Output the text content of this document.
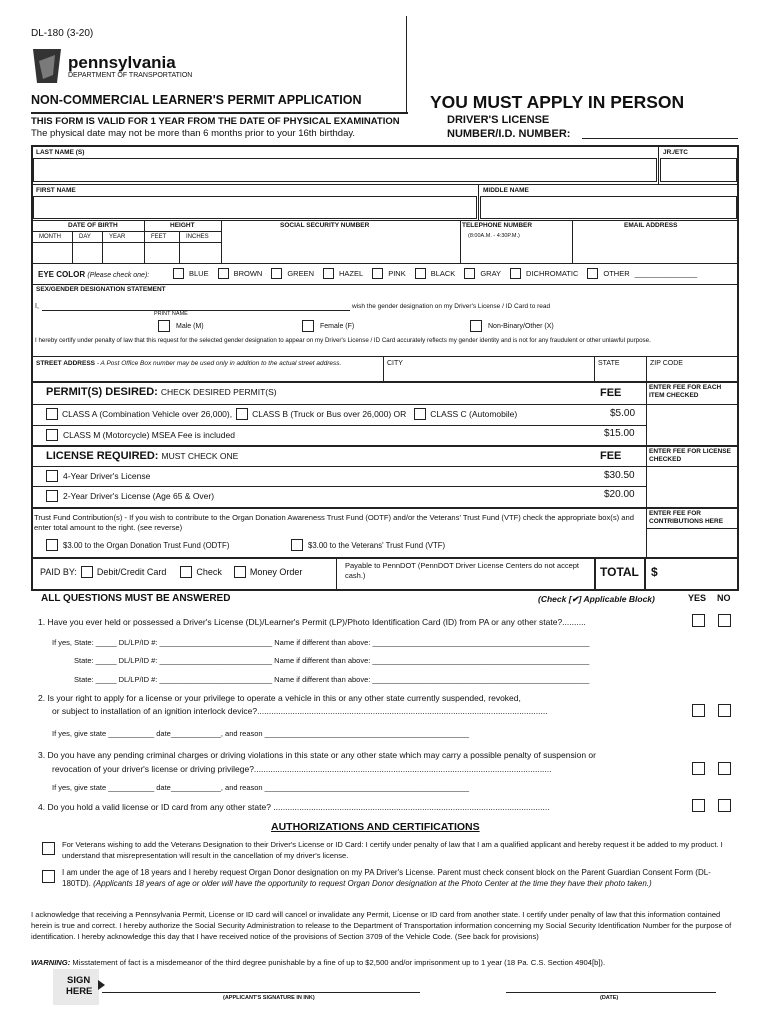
DL-180 (3-20)
pennsylvania
DEPARTMENT OF TRANSPORTATION
NON-COMMERCIAL LEARNER'S PERMIT APPLICATION	YOU MUST APPLY IN PERSON
THIS FORM IS VALID FOR 1 YEAR FROM THE DATE OF PHYSICAL EXAMINATION
The physical date may not be more than 6 months prior to your 16th birthday.
DRIVER'S LICENSE
NUMBER/I.D. NUMBER:
LAST NAME (S)	JR./ETC
FIRST NAME	MIDDLE NAME
DATE OF BIRTH	HEIGHT	SOCIAL SECURITY NUMBER	TELEPHONE NUMBER
(8:00A.M. - 4:30P.M.)
EMAIL ADDRESS
MONTH	DAY	YEAR	FEET	INCHES
EYE COLOR (Please check one):	BLUE	BROWN	GREEN	HAZEL	PINK	BLACK	GRAY	DICHROMATIC	OTHER _______________
SEX/GENDER DESIGNATION STATEMENT
I,	wish the gender designation on my Driver's License / ID Card to read
PRINT NAME
Male (M)	Female (F)	Non-Binary/Other (X)
I hereby certify under penalty of law that this request for the selected gender designation to appear on my Driver's License / ID Card accurately reflects my gender identity and is not for any fraudulent or other unlawful purpose.
STREET ADDRESS - A Post Office Box number may be used only in addition to the actual street address.	CITY	STATE	ZIP CODE
PERMIT(S) DESIRED: CHECK DESIRED PERMIT(S)	FEE	ENTER FEE FOR EACH ITEM CHECKED
CLASS A (Combination Vehicle over 26,000), CLASS B (Truck or Bus over 26,000) OR	CLASS C (Automobile)	$5.00
CLASS M (Motorcycle) MSEA Fee is included	$15.00
LICENSE REQUIRED: MUST CHECK ONE	FEE	ENTER FEE FOR LICENSE CHECKED
4-Year Driver's License	$30.50
2-Year Driver's License (Age 65 & Over)	$20.00
Trust Fund Contribution(s) - If you wish to contribute to the Organ Donation Awareness Trust Fund (ODTF) and/or the Veterans' Trust Fund (VTF) check the appropriate box(s) and enter total amount to the right. (see reverse)
ENTER FEE FOR CONTRIBUTIONS HERE
$3.00 to the Organ Donation Trust Fund (ODTF)	$3.00 to the Veterans' Trust Fund (VTF)
PAID BY: Debit/Credit Card	Check	Money Order
Payable to PennDOT (PennDOT Driver License Centers do not accept cash.)	TOTAL $
ALL QUESTIONS MUST BE ANSWERED	(Check [✔] Applicable Block)	YES NO
1. Have you ever held or possessed a Driver's License (DL)/Learner's Permit (LP)/Photo Identification Card (ID) from PA or any other state?..........
If yes, State: _____ DL/LP/ID #: ___________________________ Name if different than above: ____________________________________________________
State: _____ DL/LP/ID #: ___________________________ Name if different than above: ____________________________________________________
State: _____ DL/LP/ID #: ___________________________ Name if different than above: ____________________________________________________
2. Is your right to apply for a license or your privilege to operate a vehicle in this or any other state currently suspended, revoked,
or subject to installation of an ignition interlock device?...........................................................................................................................
If yes, give state ___________ date____________, and reason _________________________________________________
3. Do you have any pending criminal charges or driving violations in this state or any other state which may carry a possible penalty of suspension or
revocation of your driver's license or driving privilege?..............................................................................................................................
If yes, give state ___________ date____________, and reason _________________________________________________
4. Do you hold a valid license or ID card from any other state? .....................................................................................................................
AUTHORIZATIONS AND CERTIFICATIONS
For Veterans wishing to add the Veterans Designation to their Driver's License or ID Card: I certify under penalty of law that I am a qualified applicant and hereby request it be added to my product. I understand that misrepresentation will result in the cancellation of my driver's license.
I am under the age of 18 years and I hereby request Organ Donor designation on my PA Driver's License. Parent must check consent block on the Parent Guardian Consent Form (DL-180TD). (Applicants 18 years of age or older will have the opportunity to request Organ Donor designation at the Photo Center at the time they have their photo taken.)
I acknowledge that receiving a Pennsylvania Permit, License or ID card will cancel or invalidate any Permit, License or ID card from another state. I certify under penalty of law that this information contained herein is true and correct. I hereby authorize the Social Security Administration to release to the Department of Transportation information concerning my Social Security Identification Number for the purpose of identification. I hereby acknowledge this day that I have received notice of the provisions of Section 3709 of the Vehicle Code. (See back for provisions)
WARNING: Misstatement of fact is a misdemeanor of the third degree punishable by a fine of up to $2,500 and/or imprisonment up to 1 year (18 Pa. C.S. Section 4904[b]).
SIGN
HERE
(APPLICANT'S SIGNATURE IN INK)	(DATE)
